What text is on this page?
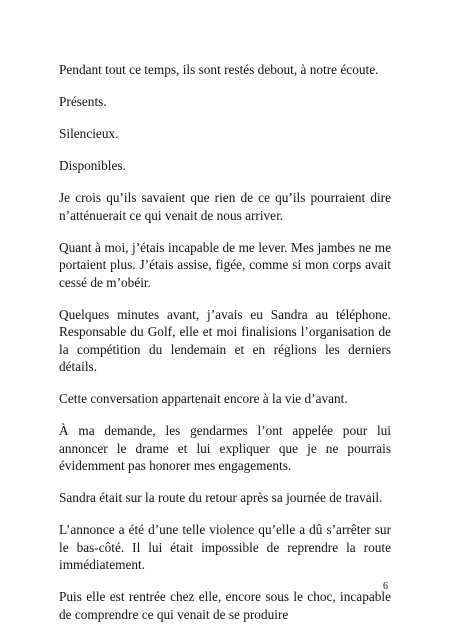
Pendant tout ce temps, ils sont restés debout, à notre écoute.

Présents.

Silencieux.

Disponibles.

Je crois qu’ils savaient que rien de ce qu’ils pourraient dire n’atténuerait ce qui venait de nous arriver.

Quant à moi, j’étais incapable de me lever. Mes jambes ne me portaient plus. J’étais assise, figée, comme si mon corps avait cessé de m’obéir.

Quelques minutes avant, j’avais eu Sandra au téléphone. Responsable du Golf, elle et moi finalisions l’organisation de la compétition du lendemain et en réglions les derniers détails.

Cette conversation appartenait encore à la vie d’avant.

À ma demande, les gendarmes l’ont appelée pour lui annoncer le drame et lui expliquer que je ne pourrais évidemment pas honorer mes engagements.

Sandra était sur la route du retour après sa journée de travail.

L’annonce a été d’une telle violence qu’elle a dû s’arrêter sur le bas-côté. Il lui était impossible de reprendre la route immédiatement.

Puis elle est rentrée chez elle, encore sous le choc, incapable de comprendre ce qui venait de se produire

6
